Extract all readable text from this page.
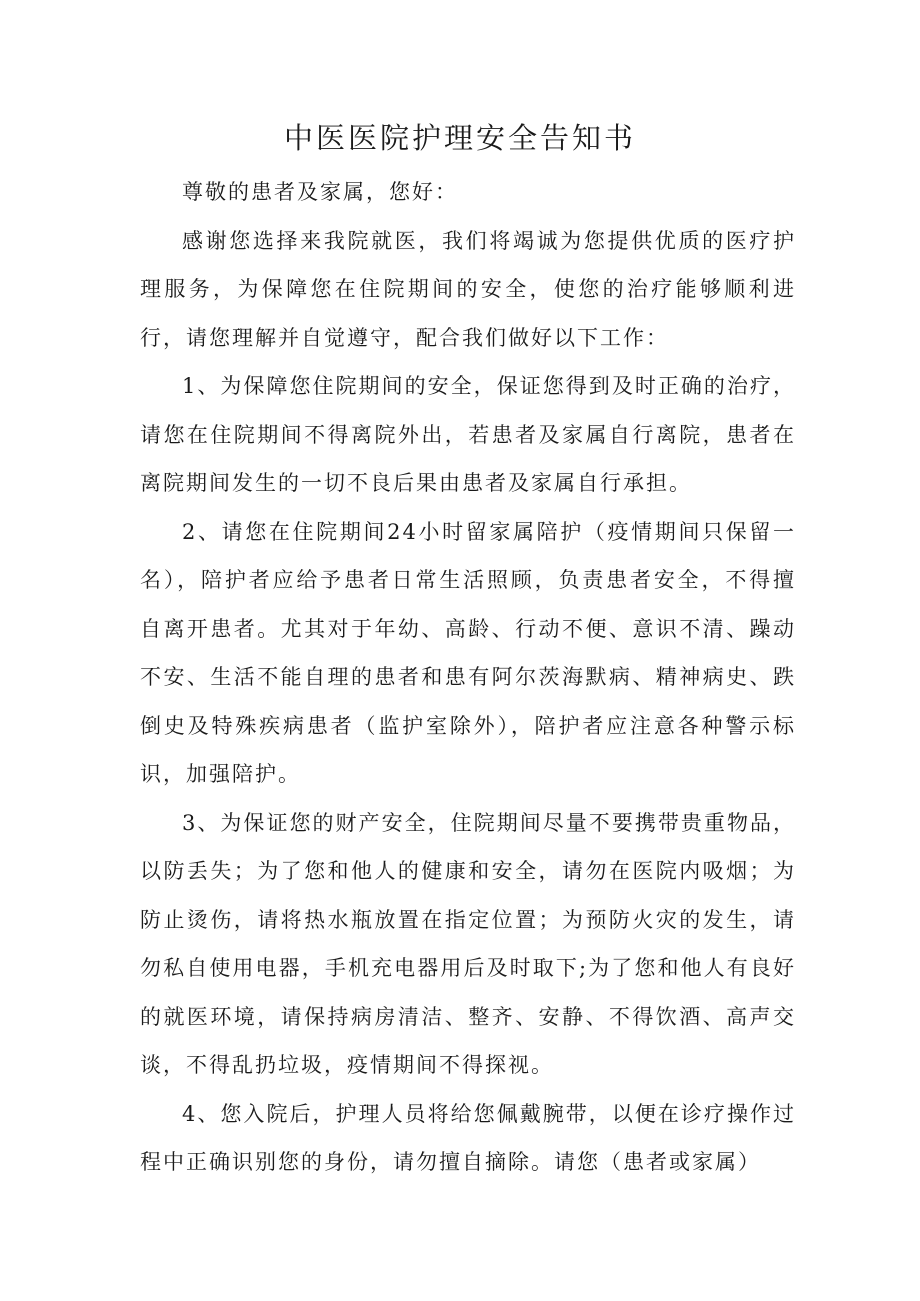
中医医院护理安全告知书

尊敬的患者及家属，您好：

感谢您选择来我院就医，我们将竭诚为您提供优质的医疗护理服务，为保障您在住院期间的安全，使您的治疗能够顺利进行，请您理解并自觉遵守，配合我们做好以下工作：

1、为保障您住院期间的安全，保证您得到及时正确的治疗，请您在住院期间不得离院外出，若患者及家属自行离院，患者在离院期间发生的一切不良后果由患者及家属自行承担。

2、请您在住院期间24小时留家属陪护（疫情期间只保留一名），陪护者应给予患者日常生活照顾，负责患者安全，不得擅自离开患者。尤其对于年幼、高龄、行动不便、意识不清、躁动不安、生活不能自理的患者和患有阿尔茨海默病、精神病史、跌倒史及特殊疾病患者（监护室除外），陪护者应注意各种警示标识，加强陪护。

3、为保证您的财产安全，住院期间尽量不要携带贵重物品，以防丢失；为了您和他人的健康和安全，请勿在医院内吸烟；为防止烫伤，请将热水瓶放置在指定位置；为预防火灾的发生，请勿私自使用电器，手机充电器用后及时取下;为了您和他人有良好的就医环境，请保持病房清洁、整齐、安静、不得饮酒、高声交谈，不得乱扔垃圾，疫情期间不得探视。

4、您入院后，护理人员将给您佩戴腕带，以便在诊疗操作过程中正确识别您的身份，请勿擅自摘除。请您（患者或家属）
